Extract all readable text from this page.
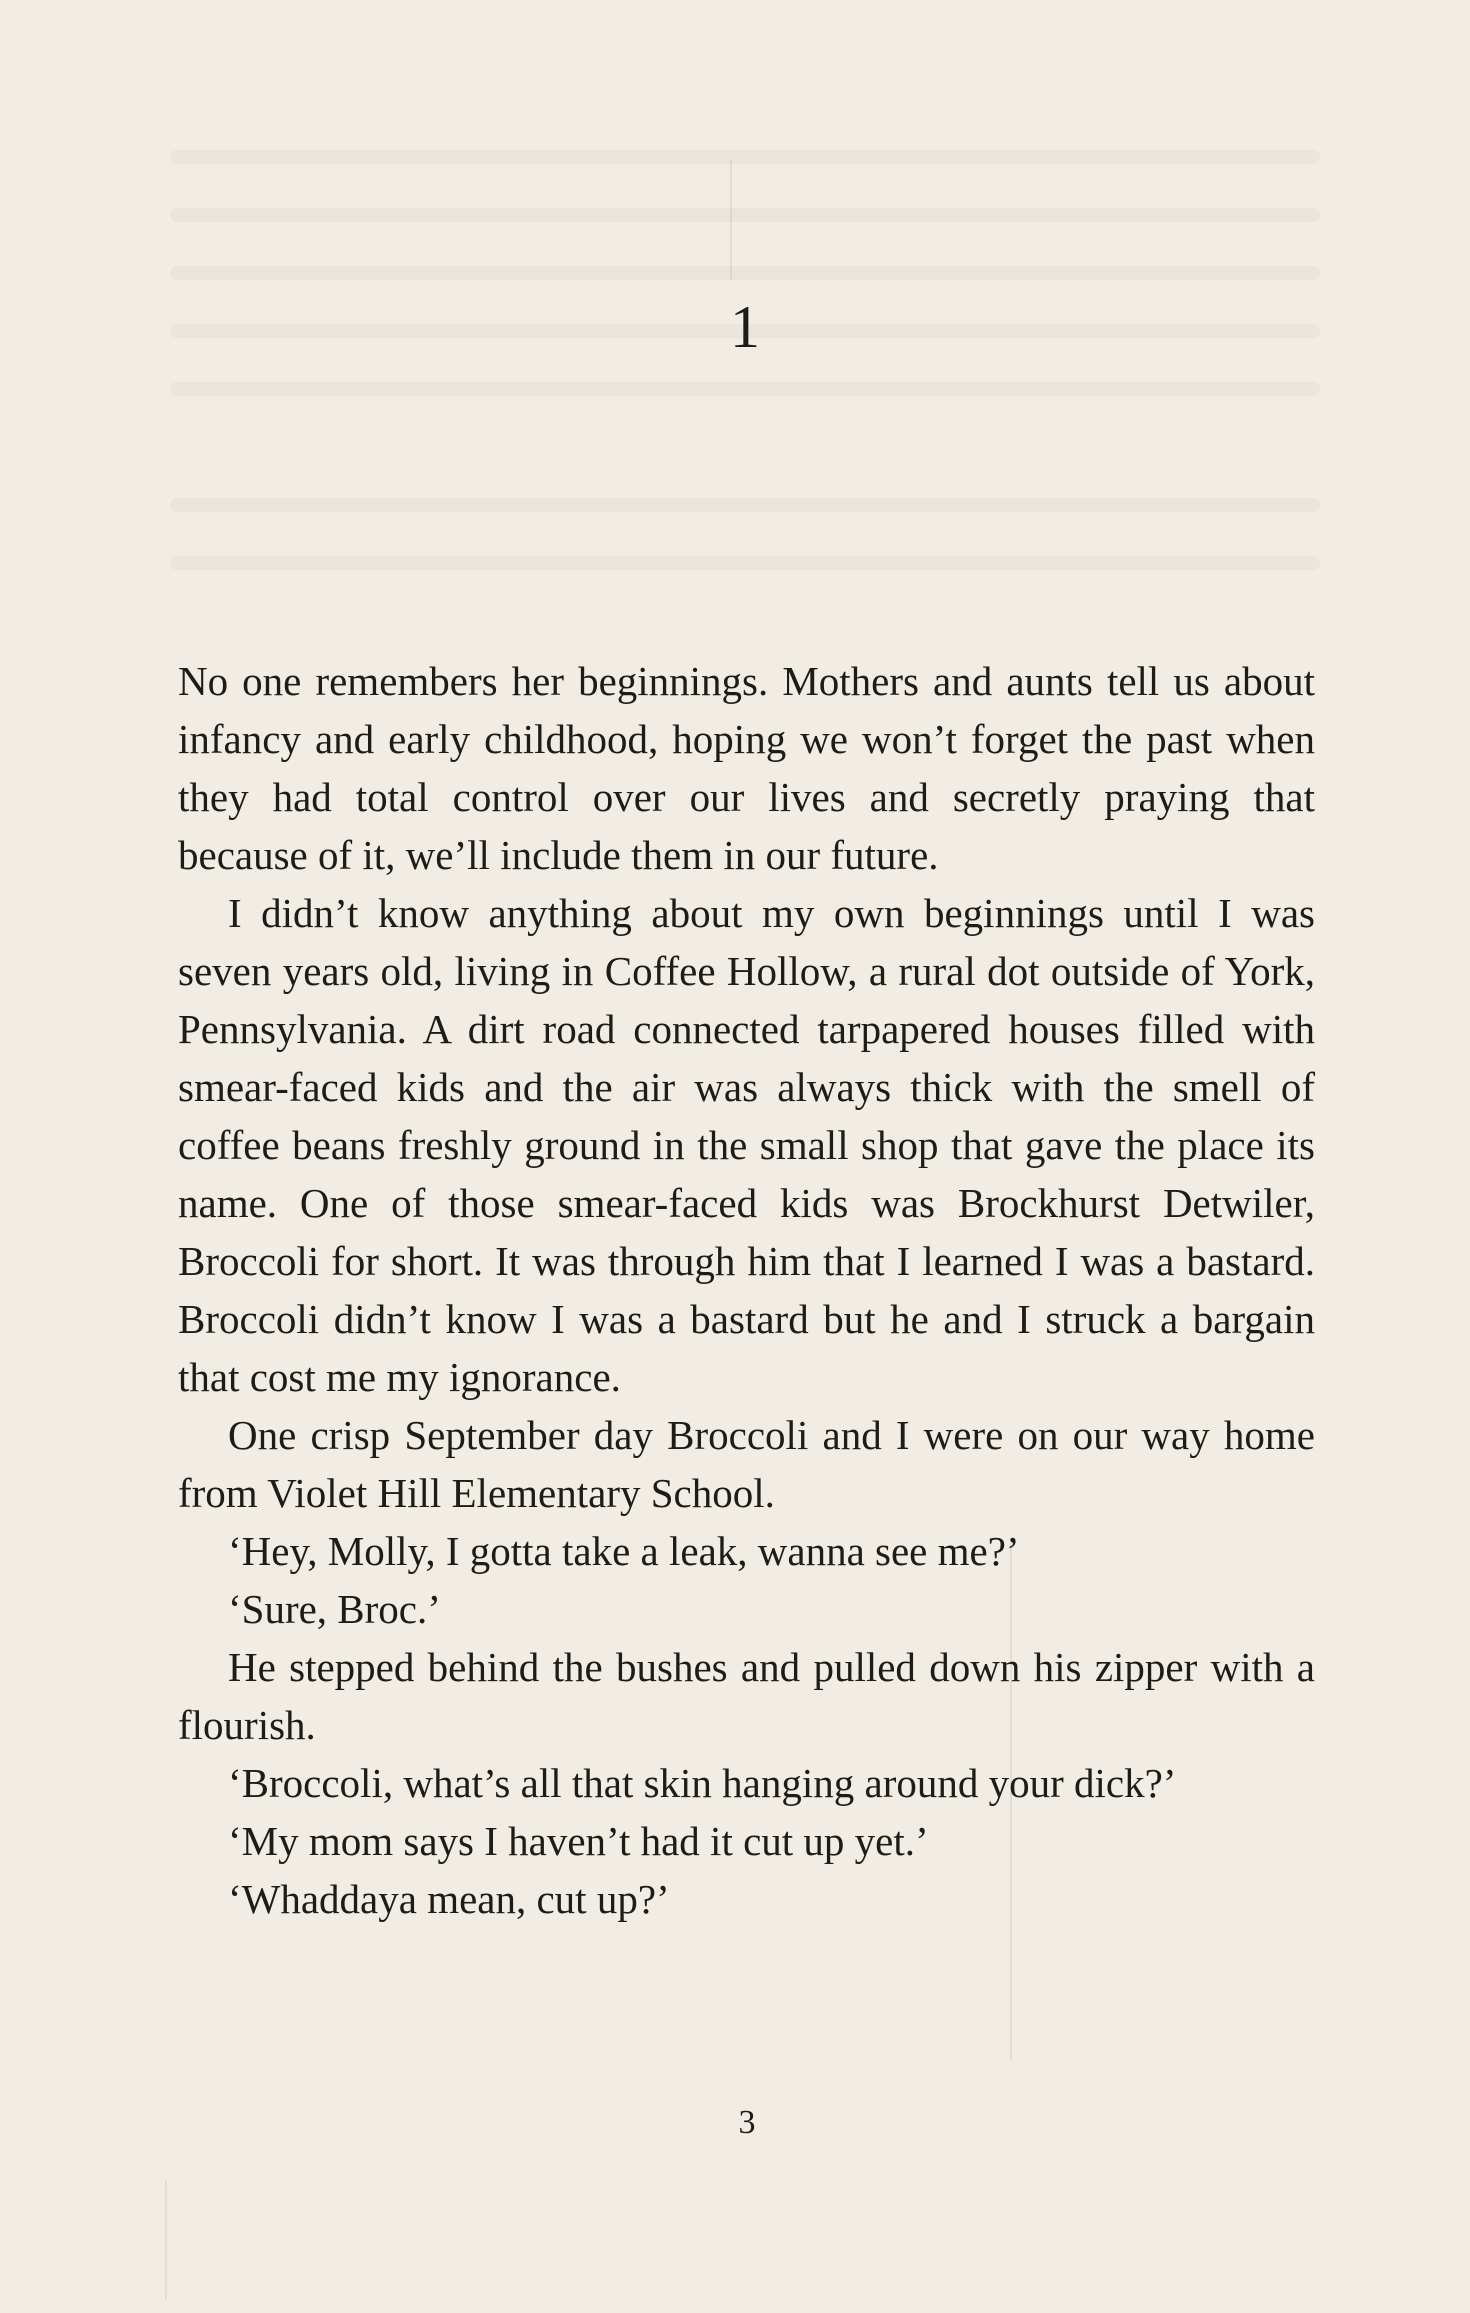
1

No one remembers her beginnings. Mothers and aunts tell us about infancy and early childhood, hoping we won’t forget the past when they had total control over our lives and secretly praying that because of it, we’ll include them in our future.

I didn’t know anything about my own beginnings until I was seven years old, living in Coffee Hollow, a rural dot outside of York, Pennsylvania. A dirt road connected tarpapered houses filled with smear-faced kids and the air was always thick with the smell of coffee beans freshly ground in the small shop that gave the place its name. One of those smear-faced kids was Brockhurst Detwiler, Broccoli for short. It was through him that I learned I was a bastard. Broccoli didn’t know I was a bastard but he and I struck a bargain that cost me my ignorance.

One crisp September day Broccoli and I were on our way home from Violet Hill Elementary School.

‘Hey, Molly, I gotta take a leak, wanna see me?’

‘Sure, Broc.’

He stepped behind the bushes and pulled down his zipper with a flourish.

‘Broccoli, what’s all that skin hanging around your dick?’

‘My mom says I haven’t had it cut up yet.’

‘Whaddaya mean, cut up?’

3
